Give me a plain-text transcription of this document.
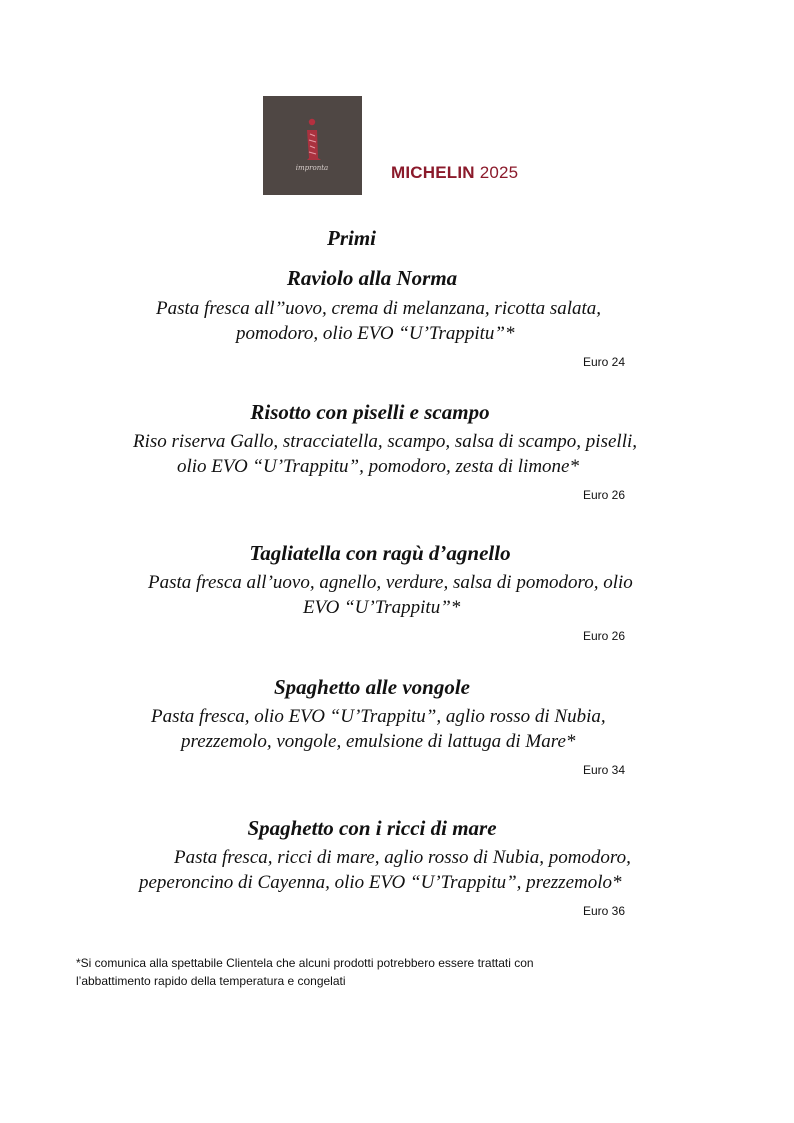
impronta	MICHELIN 2025
Primi
Raviolo alla Norma
Pasta fresca all’’uovo, crema di melanzana, ricotta salata,
pomodoro, olio EVO “U’Trappitu”*
Euro 24
Risotto con piselli e scampo
Riso riserva Gallo, stracciatella, scampo, salsa di scampo, piselli,
olio EVO “U’Trappitu”, pomodoro, zesta di limone*
Euro 26
Tagliatella con ragù d’agnello
Pasta fresca all’uovo, agnello, verdure, salsa di pomodoro, olio
EVO “U’Trappitu”*
Euro 26
Spaghetto alle vongole
Pasta fresca, olio EVO “U’Trappitu”, aglio rosso di Nubia,
prezzemolo, vongole, emulsione di lattuga di Mare*
Euro 34
Spaghetto con i ricci di mare
Pasta fresca, ricci di mare, aglio rosso di Nubia, pomodoro,
peperoncino di Cayenna, olio EVO “U’Trappitu”, prezzemolo*
Euro 36
*Si comunica alla spettabile Clientela che alcuni prodotti potrebbero essere trattati con
l’abbattimento rapido della temperatura e congelati
